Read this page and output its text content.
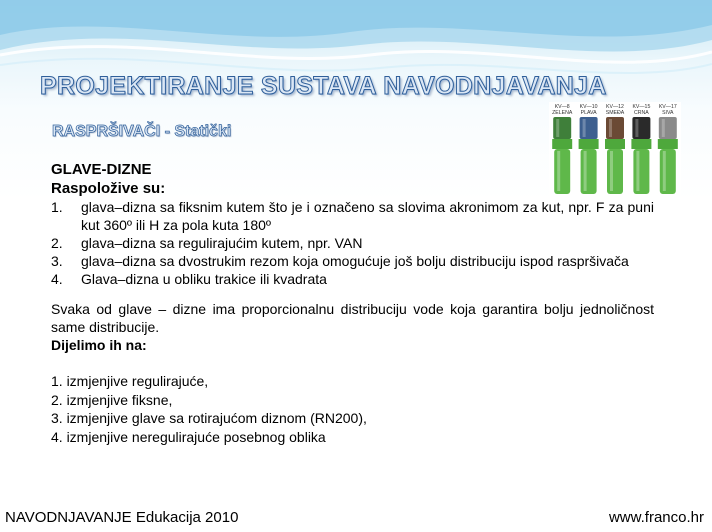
PROJEKTIRANJE SUSTAVA NAVODNJAVANJA
RASPRŠIVAČI - Statički
KV—8
ZELENA
KV—10
PLAVA
KV—12
SMEĐA
KV—15
CRNA
KV—17
SIVA
GLAVE-DIZNE
Raspoložive su:
1. glava–dizna sa fiksnim kutem što je i označeno sa slovima akronimom za kut, npr. F za puni kut 360º ili H za pola kuta 180º
2. glava–dizna sa regulirajućim kutem, npr. VAN
3. glava–dizna sa dvostrukim rezom koja omogućuje još bolju distribuciju ispod raspršivača
4. Glava–dizna u obliku trakice ili kvadrata
Svaka od glave – dizne ima proporcionalnu distribuciju vode koja garantira bolju jednoličnost same distribucije.
Dijelimo ih na:
1. izmjenjive regulirajuće,
2. izmjenjive fiksne,
3. izmjenjive glave sa rotirajućom diznom (RN200),
4. izmjenjive neregulirajuće posebnog oblika
NAVODNJAVANJE Edukacija 2010	www.franco.hr
